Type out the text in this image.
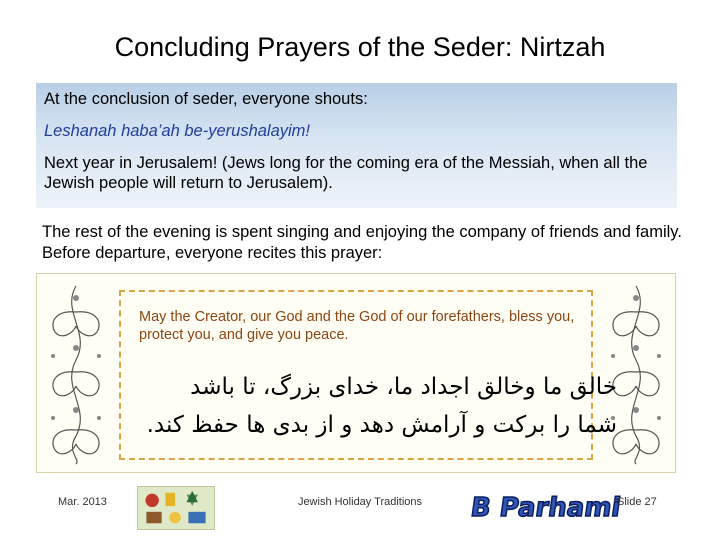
Concluding Prayers of the Seder: Nirtzah

At the conclusion of seder, everyone shouts:

Leshanah haba’ah be-yerushalayim!

Next year in Jerusalem! (Jews long for the coming era of the Messiah, when all the Jewish people will return to Jerusalem).

The rest of the evening is spent singing and enjoying the company of friends and family. Before departure, everyone recites this prayer:
May the Creator, our God and the God of our forefathers, bless you, protect you, and give you peace.
خالق ما وخالق اجداد ما، خدای بزرگ، تا باشد
شما را برکت و آرامش دهد و از بدی ها حفظ کند.
Mar. 2013	Jewish Holiday Traditions	B Parhami
Slide 27
